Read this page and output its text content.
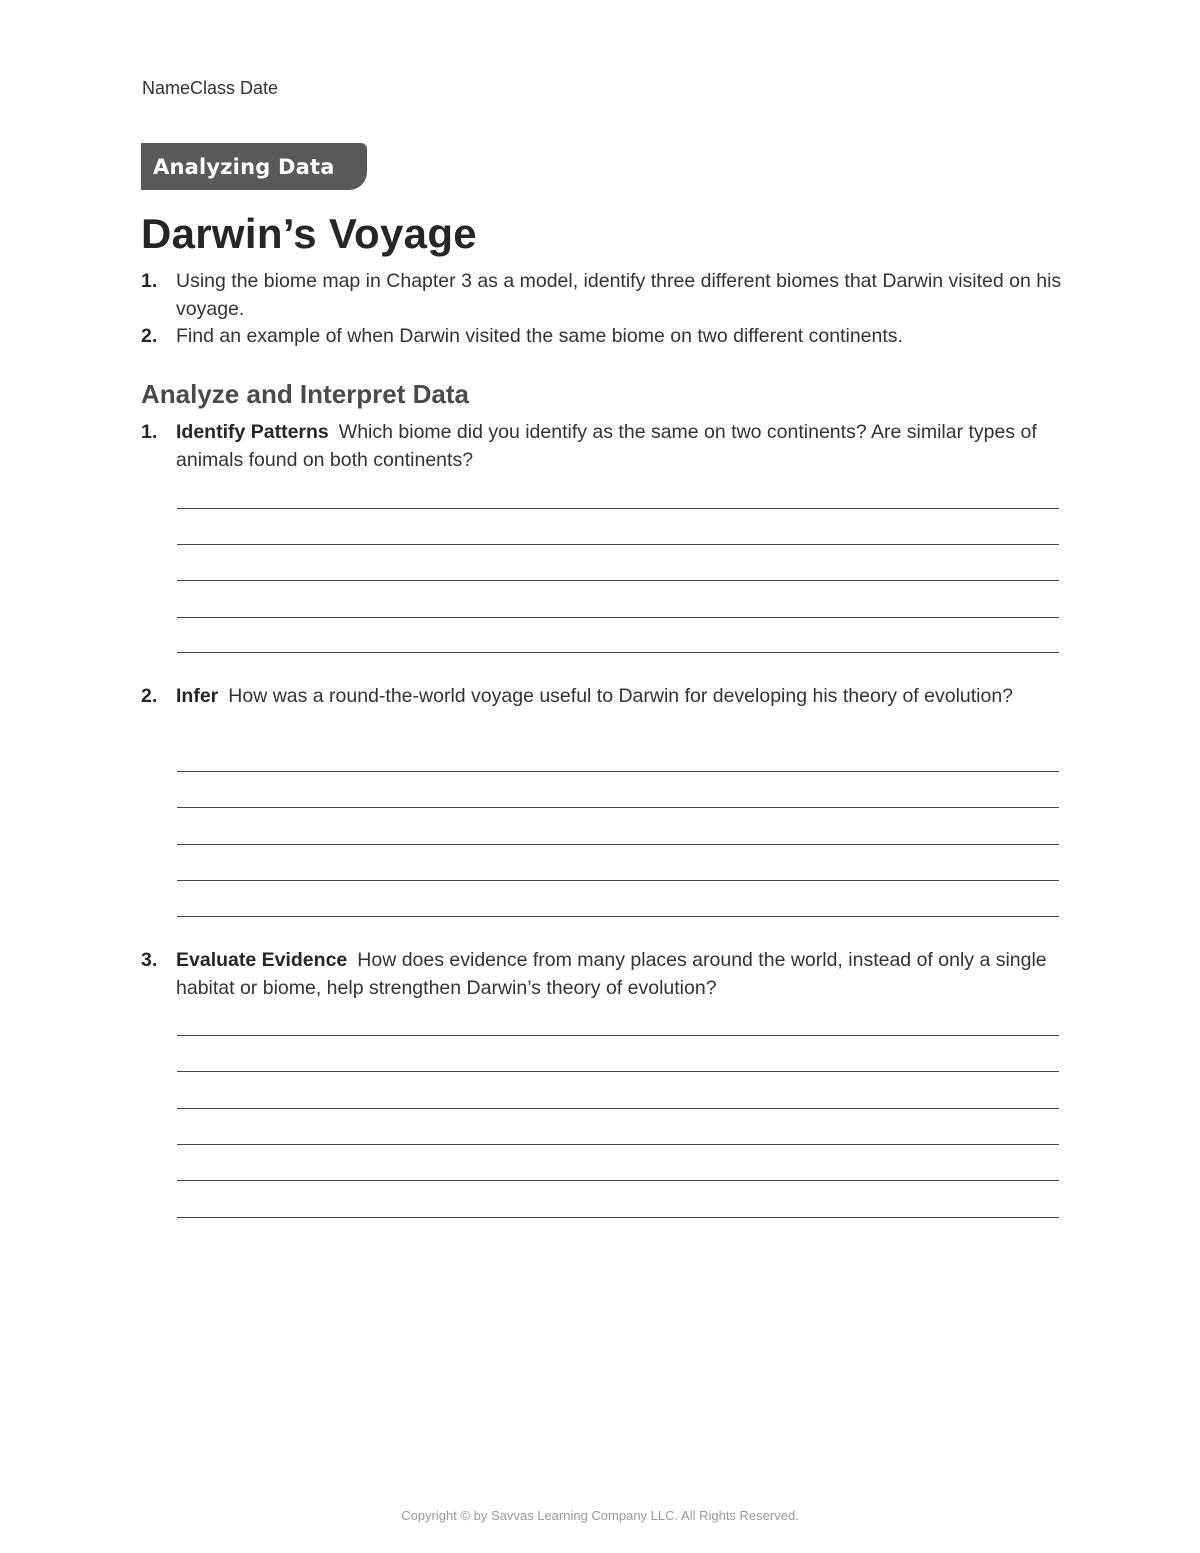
NameClass Date
Analyzing Data
Darwin’s Voyage
1. Using the biome map in Chapter 3 as a model, identify three different biomes that Darwin visited on his voyage.
2. Find an example of when Darwin visited the same biome on two different continents.
Analyze and Interpret Data
1. Identify Patterns Which biome did you identify as the same on two continents? Are similar types of animals found on both continents?
2. Infer How was a round-the-world voyage useful to Darwin for developing his theory of evolution?
3. Evaluate Evidence How does evidence from many places around the world, instead of only a single habitat or biome, help strengthen Darwin’s theory of evolution?
Copyright © by Savvas Learning Company LLC. All Rights Reserved.
